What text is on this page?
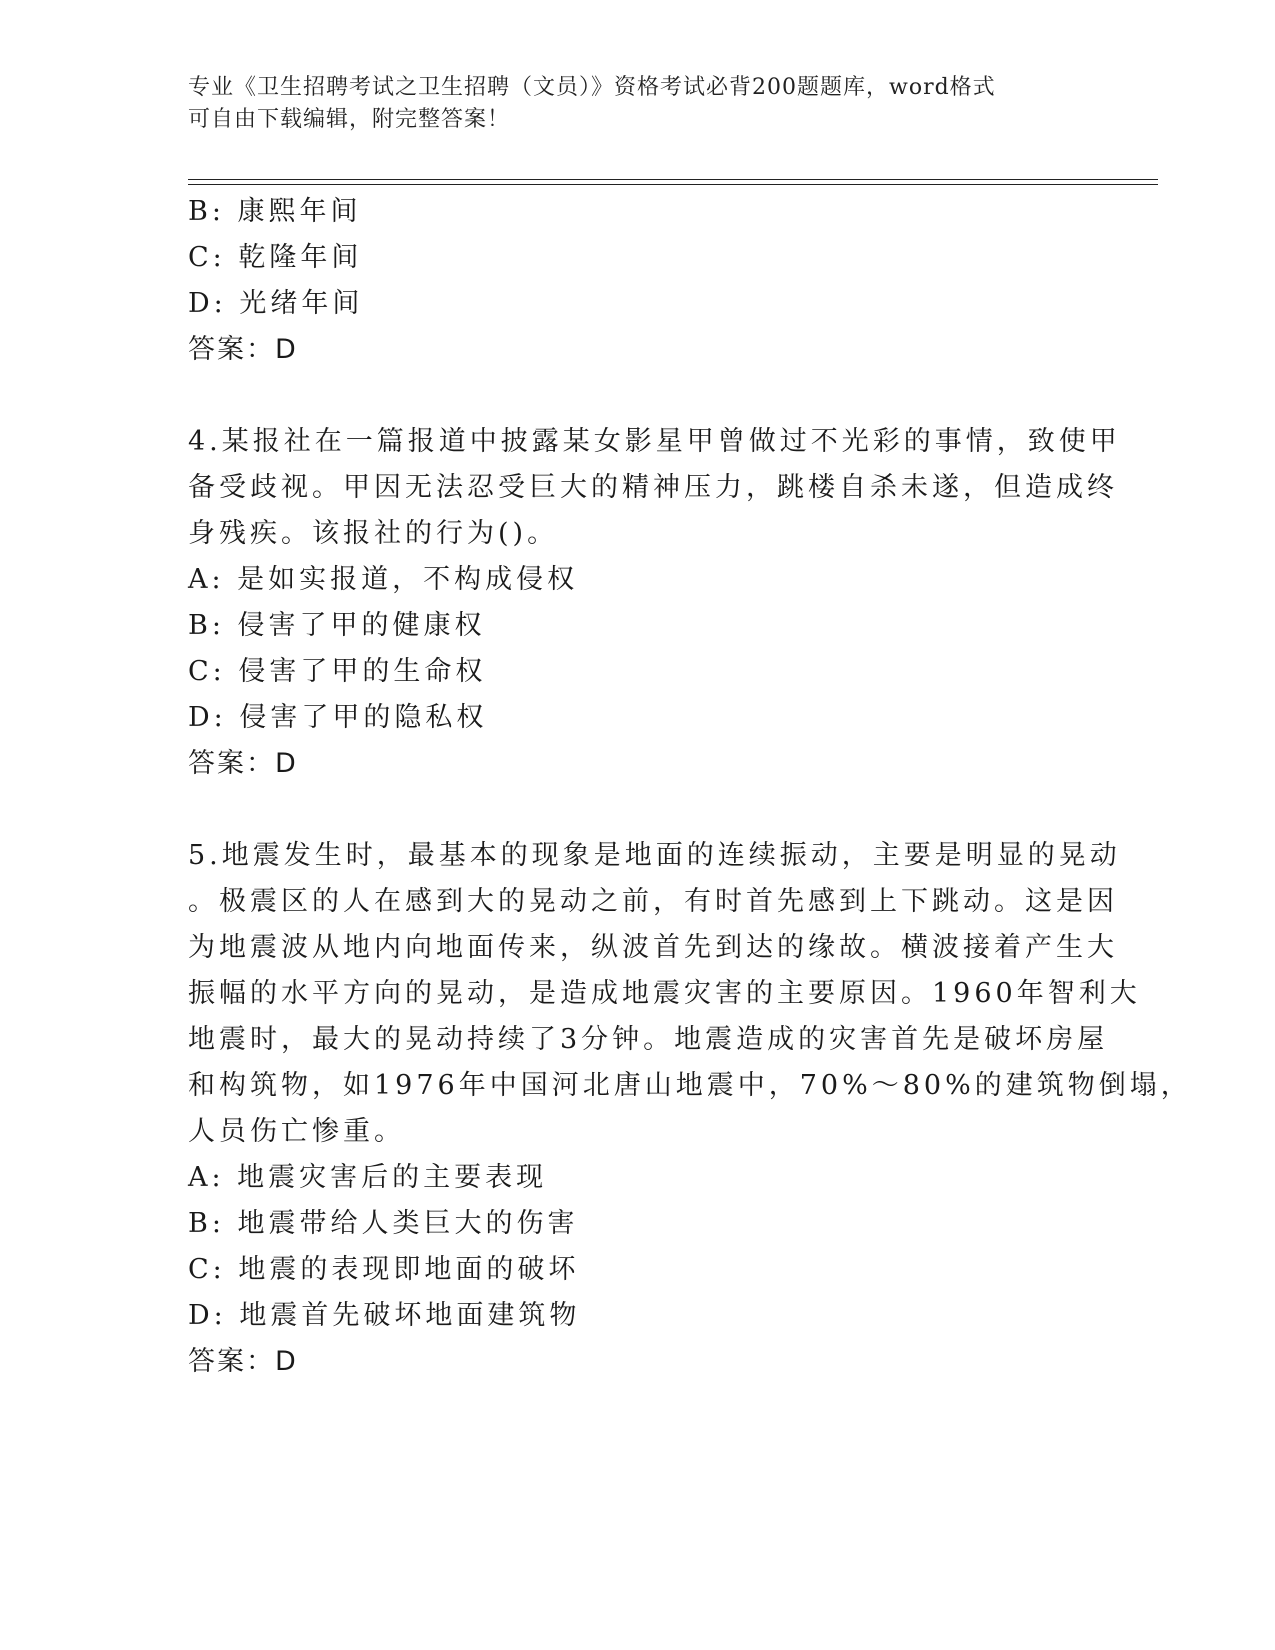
专业《卫生招聘考试之卫生招聘（文员）》资格考试必背200题题库，word格式
可自由下载编辑，附完整答案！
B: 康熙年间
C: 乾隆年间
D: 光绪年间
答案：D
4.某报社在一篇报道中披露某女影星甲曾做过不光彩的事情，致使甲
备受歧视。甲因无法忍受巨大的精神压力，跳楼自杀未遂，但造成终
身残疾。该报社的行为()。
A: 是如实报道，不构成侵权
B: 侵害了甲的健康权
C: 侵害了甲的生命权
D: 侵害了甲的隐私权
答案：D
5.地震发生时，最基本的现象是地面的连续振动，主要是明显的晃动
。极震区的人在感到大的晃动之前，有时首先感到上下跳动。这是因
为地震波从地内向地面传来，纵波首先到达的缘故。横波接着产生大
振幅的水平方向的晃动，是造成地震灾害的主要原因。1960年智利大
地震时，最大的晃动持续了3分钟。地震造成的灾害首先是破坏房屋
和构筑物，如1976年中国河北唐山地震中，70%～80%的建筑物倒塌，
人员伤亡惨重。
A: 地震灾害后的主要表现
B: 地震带给人类巨大的伤害
C: 地震的表现即地面的破坏
D: 地震首先破坏地面建筑物
答案：D
